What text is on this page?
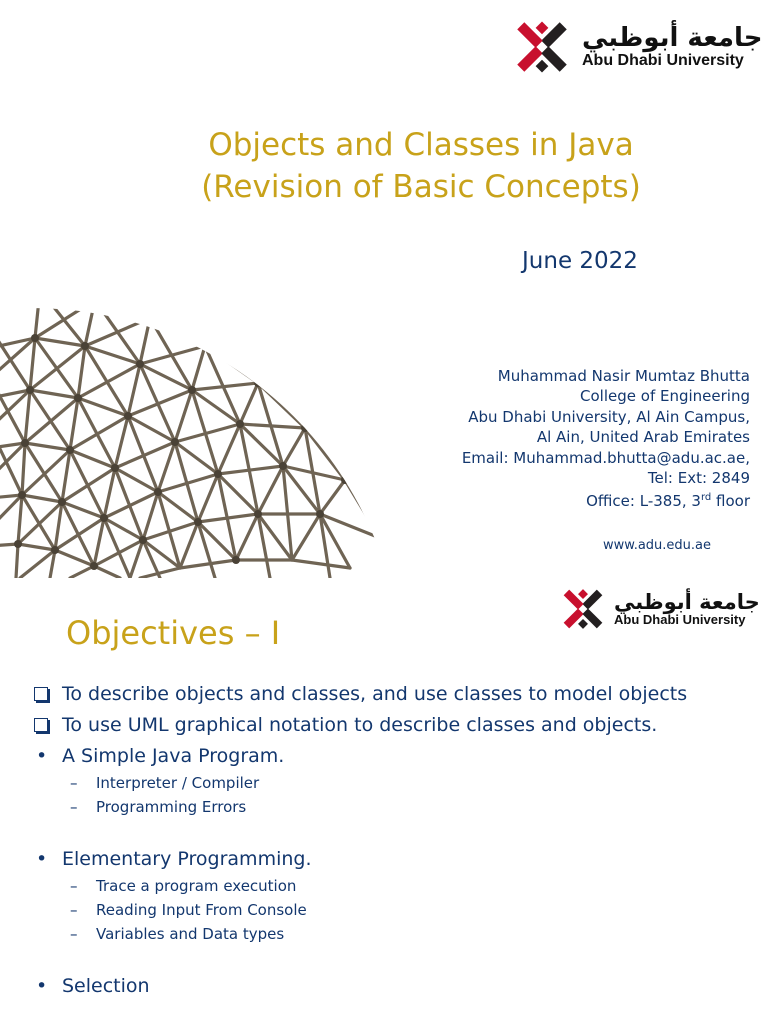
جامعة أبوظبي
Abu Dhabi University
Objects and Classes in Java
(Revision of Basic Concepts)
June 2022
Muhammad Nasir Mumtaz Bhutta
College of Engineering
Abu Dhabi University, Al Ain Campus,
Al Ain, United Arab Emirates
Email: Muhammad.bhutta@adu.ac.ae,
Tel: Ext: 2849
Office: L-385, 3rd floor
www.adu.edu.ae
جامعة أبوظبي
Abu Dhabi University
Objectives – I
To describe objects and classes, and use classes to model objects
To use UML graphical notation to describe classes and objects.
• A Simple Java Program.
– Interpreter / Compiler
– Programming Errors
• Elementary Programming.
– Trace a program execution
– Reading Input From Console
– Variables and Data types
• Selection
